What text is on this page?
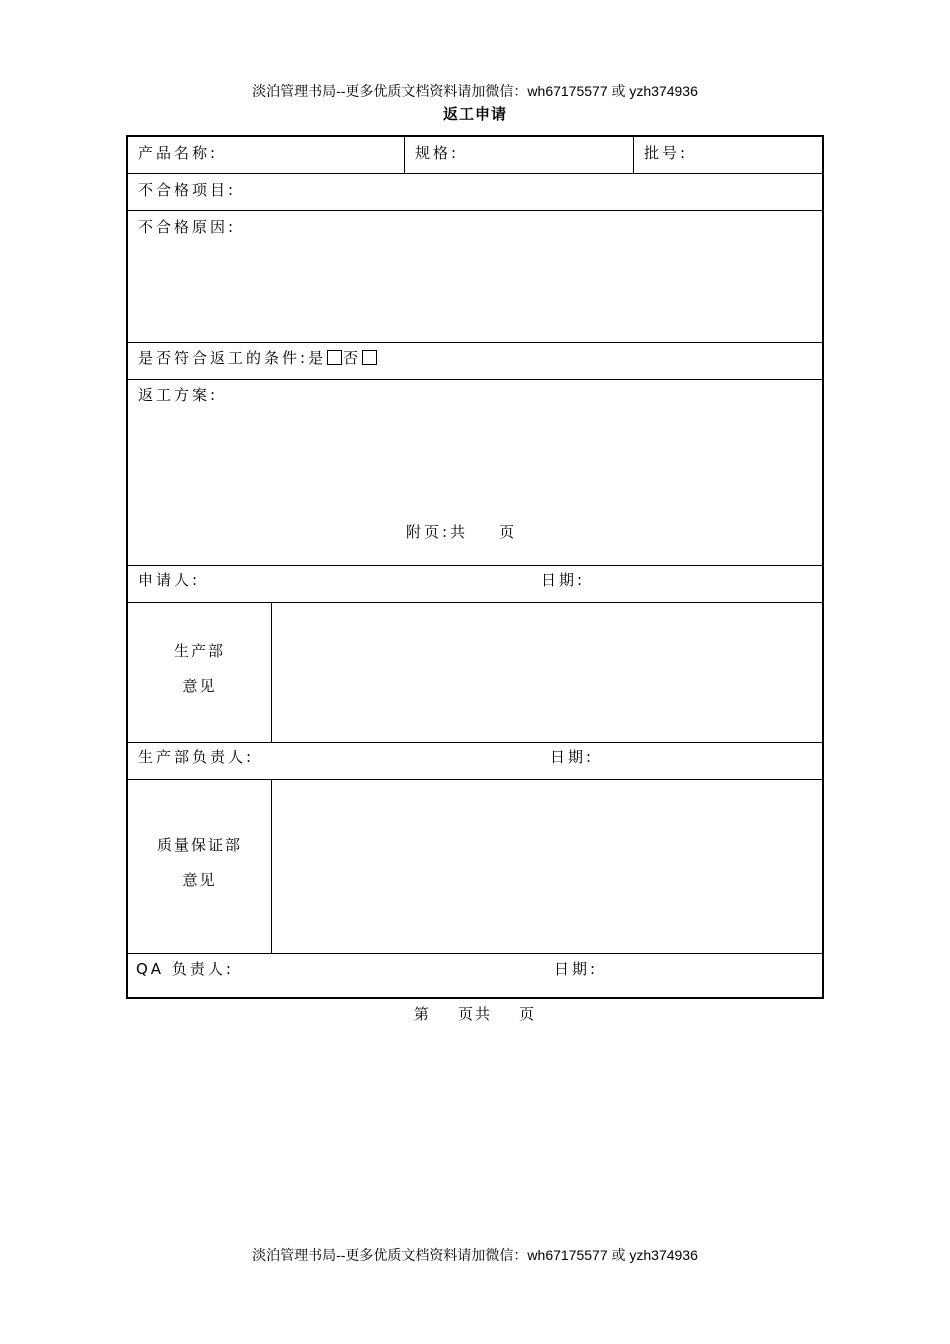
淡泊管理书局--更多优质文档资料请加微信：wh67175577 或 yzh374936
返工申请
产品名称:	规格:	批号:
不合格项目:
不合格原因:
是否符合返工的条件:是 否
返工方案:
附页:共    页
申请人:	日期:
生产部
意见
生产部负责人:	日期:
质量保证部
意见
QA 负责人:	日期:
第    页共    页
淡泊管理书局--更多优质文档资料请加微信：wh67175577 或 yzh374936
